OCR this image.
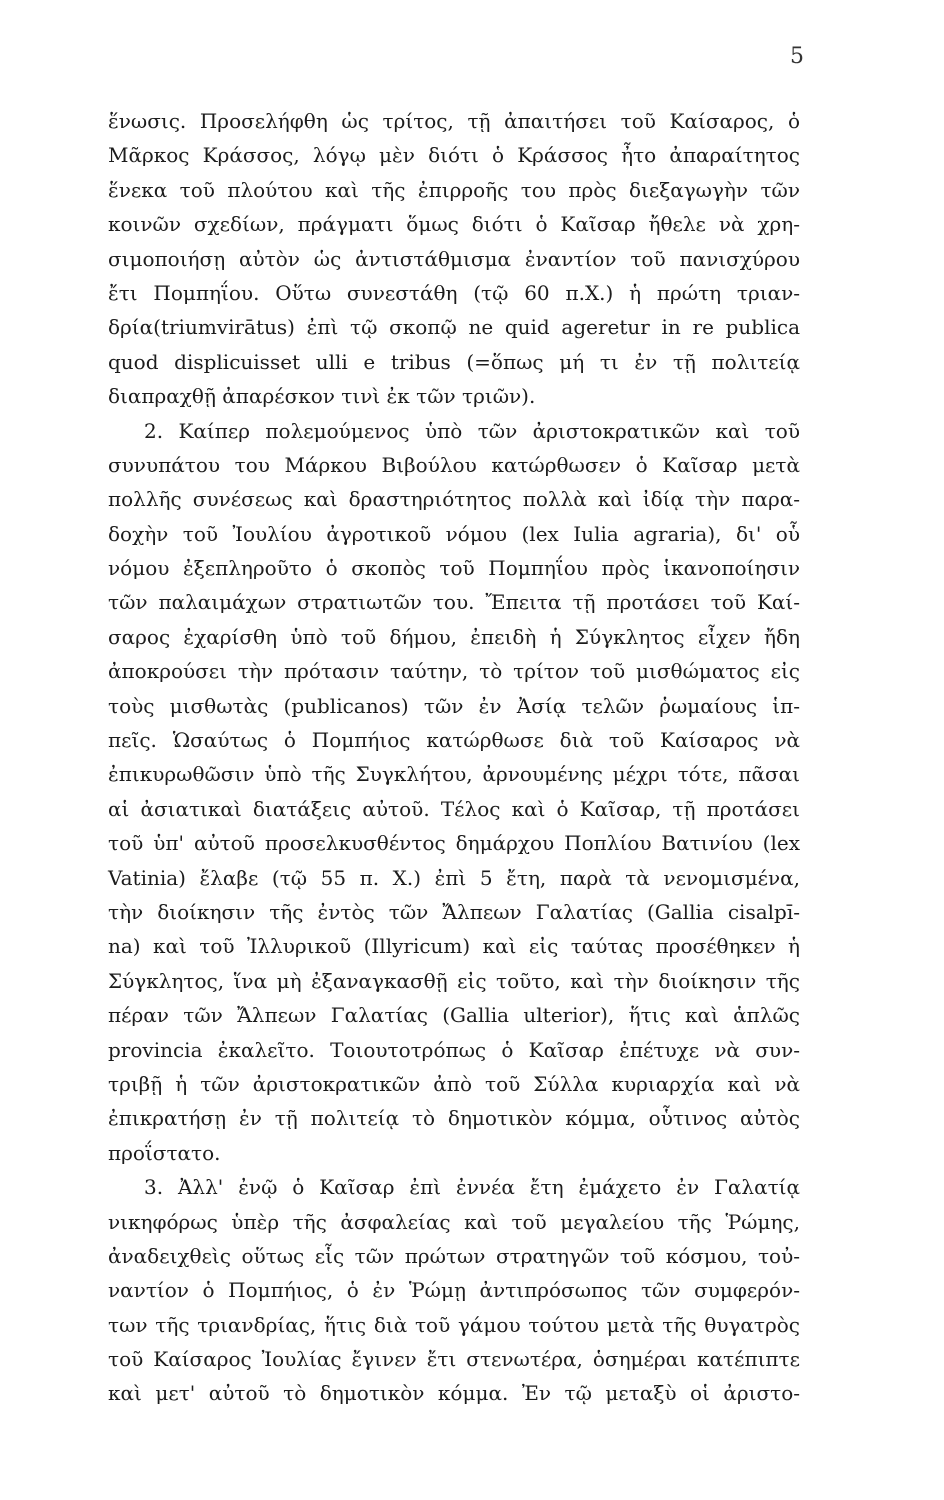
5
ἕνωσις. Προσελήφθη ὡς τρίτος, τῇ ἀπαιτήσει τοῦ Καίσαρος, ὁ
Μᾶρκος Κράσσος, λόγῳ μὲν διότι ὁ Κράσσος ἦτο ἀπαραίτητος
ἕνεκα τοῦ πλούτου καὶ τῆς ἐπιρροῆς του πρὸς διεξαγωγὴν τῶν
κοινῶν σχεδίων, πράγματι ὅμως διότι ὁ Καῖσαρ ἤθελε νὰ χρη-
σιμοποιήσῃ αὐτὸν ὡς ἀντιστάθμισμα ἐναντίον τοῦ πανισχύρου
ἔτι Πομπηΐου. Οὕτω συνεστάθη (τῷ 60 π.Χ.) ἡ πρώτη τριαν-
δρία(triumvirātus) ἐπὶ τῷ σκοπῷ ne quid ageretur in re publica
quod displicuisset ulli e tribus (=ὅπως μή τι ἐν τῇ πολιτείᾳ
διαπραχθῇ ἀπαρέσκον τινὶ ἐκ τῶν τριῶν).
2. Καίπερ πολεμούμενος ὑπὸ τῶν ἀριστοκρατικῶν καὶ τοῦ
συνυπάτου του Μάρκου Βιβούλου κατώρθωσεν ὁ Καῖσαρ μετὰ
πολλῆς συνέσεως καὶ δραστηριότητος πολλὰ καὶ ἰδίᾳ τὴν παρα-
δοχὴν τοῦ Ἰουλίου ἀγροτικοῦ νόμου (lex Iulia agraria), δι' οὗ
νόμου ἐξεπληροῦτο ὁ σκοπὸς τοῦ Πομπηΐου πρὸς ἱκανοποίησιν
τῶν παλαιμάχων στρατιωτῶν του. Ἔπειτα τῇ προτάσει τοῦ Καί-
σαρος ἐχαρίσθη ὑπὸ τοῦ δήμου, ἐπειδὴ ἡ Σύγκλητος εἶχεν ἤδη
ἀποκρούσει τὴν πρότασιν ταύτην, τὸ τρίτον τοῦ μισθώματος εἰς
τοὺς μισθωτὰς (publicanos) τῶν ἐν Ἀσίᾳ τελῶν ῥωμαίους ἱπ-
πεῖς. Ὡσαύτως ὁ Πομπήιος κατώρθωσε διὰ τοῦ Καίσαρος νὰ
ἐπικυρωθῶσιν ὑπὸ τῆς Συγκλήτου, ἀρνουμένης μέχρι τότε, πᾶσαι
αἱ ἀσιατικαὶ διατάξεις αὐτοῦ. Τέλος καὶ ὁ Καῖσαρ, τῇ προτάσει
τοῦ ὑπ' αὐτοῦ προσελκυσθέντος δημάρχου Ποπλίου Βατινίου (lex
Vatinia) ἔλαβε (τῷ 55 π. Χ.) ἐπὶ 5 ἔτη, παρὰ τὰ νενομισμένα,
τὴν διοίκησιν τῆς ἐντὸς τῶν Ἄλπεων Γαλατίας (Gallia cisalpī-
na) καὶ τοῦ Ἰλλυρικοῦ (Illyricum) καὶ εἰς ταύτας προσέθηκεν ἡ
Σύγκλητος, ἵνα μὴ ἐξαναγκασθῇ εἰς τοῦτο, καὶ τὴν διοίκησιν τῆς
πέραν τῶν Ἄλπεων Γαλατίας (Gallia ulterior), ἥτις καὶ ἁπλῶς
provincia ἐκαλεῖτο. Τοιουτοτρόπως ὁ Καῖσαρ ἐπέτυχε νὰ συν-
τριβῇ ἡ τῶν ἀριστοκρατικῶν ἀπὸ τοῦ Σύλλα κυριαρχία καὶ νὰ
ἐπικρατήσῃ ἐν τῇ πολιτείᾳ τὸ δημοτικὸν κόμμα, οὗτινος αὐτὸς
προΐστατο.
3. Ἀλλ' ἐνῷ ὁ Καῖσαρ ἐπὶ ἐννέα ἔτη ἐμάχετο ἐν Γαλατίᾳ
νικηφόρως ὑπὲρ τῆς ἀσφαλείας καὶ τοῦ μεγαλείου τῆς Ῥώμης,
ἀναδειχθεὶς οὕτως εἷς τῶν πρώτων στρατηγῶν τοῦ κόσμου, τοὐ-
ναντίον ὁ Πομπήιος, ὁ ἐν Ῥώμῃ ἀντιπρόσωπος τῶν συμφερόν-
των τῆς τριανδρίας, ἥτις διὰ τοῦ γάμου τούτου μετὰ τῆς θυγατρὸς
τοῦ Καίσαρος Ἰουλίας ἔγινεν ἔτι στενωτέρα, ὁσημέραι κατέπιπτε
καὶ μετ' αὐτοῦ τὸ δημοτικὸν κόμμα. Ἐν τῷ μεταξὺ οἱ ἀριστο-
